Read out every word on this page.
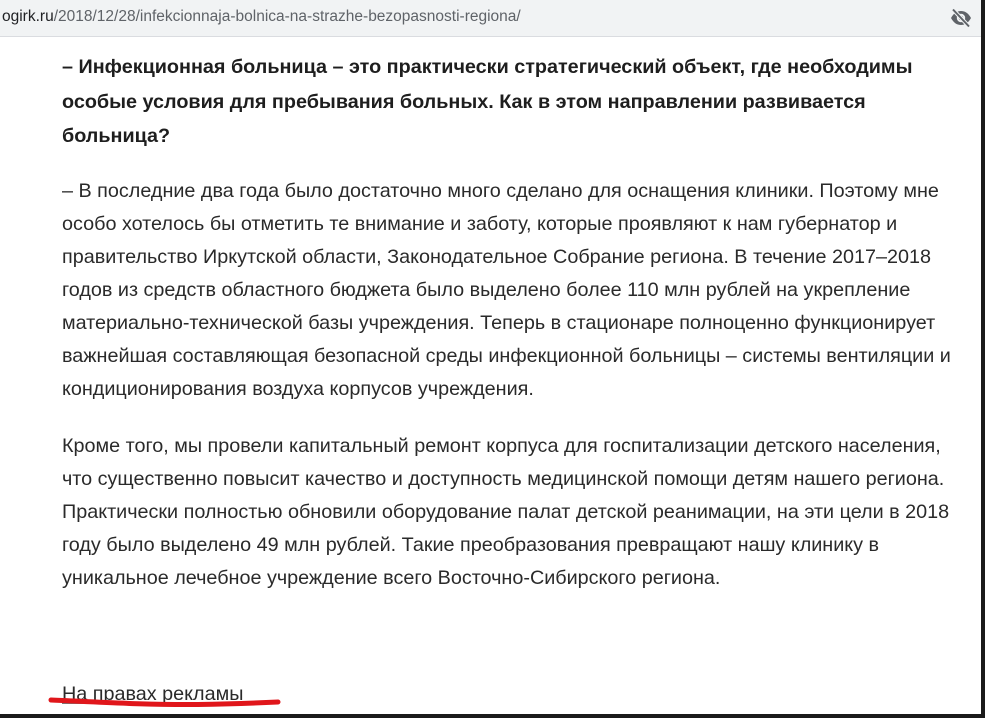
ogirk.ru/2018/12/28/infekcionnaja-bolnica-na-strazhe-bezopasnosti-regiona/

– Инфекционная больница – это практически стратегический объект, где необходимы особые условия для пребывания больных. Как в этом направлении развивается больница?

– В последние два года было достаточно много сделано для оснащения клиники. Поэтому мне особо хотелось бы отметить те внимание и заботу, которые проявляют к нам губернатор и правительство Иркутской области, Законодательное Собрание региона. В течение 2017–2018 годов из средств областного бюджета было выделено более 110 млн рублей на укрепление материально-технической базы учреждения. Теперь в стационаре полноценно функционирует важнейшая составляющая безопасной среды инфекционной больницы – системы вентиляции и кондиционирования воздуха корпусов учреждения.

Кроме того, мы провели капитальный ремонт корпуса для госпитализации детского населения, что существенно повысит качество и доступность медицинской помощи детям нашего региона. Практически полностью обновили оборудование палат детской реанимации, на эти цели в 2018 году было выделено 49 млн рублей. Такие преобразования превращают нашу клинику в уникальное лечебное учреждение всего Восточно-Сибирского региона.

На правах рекламы
